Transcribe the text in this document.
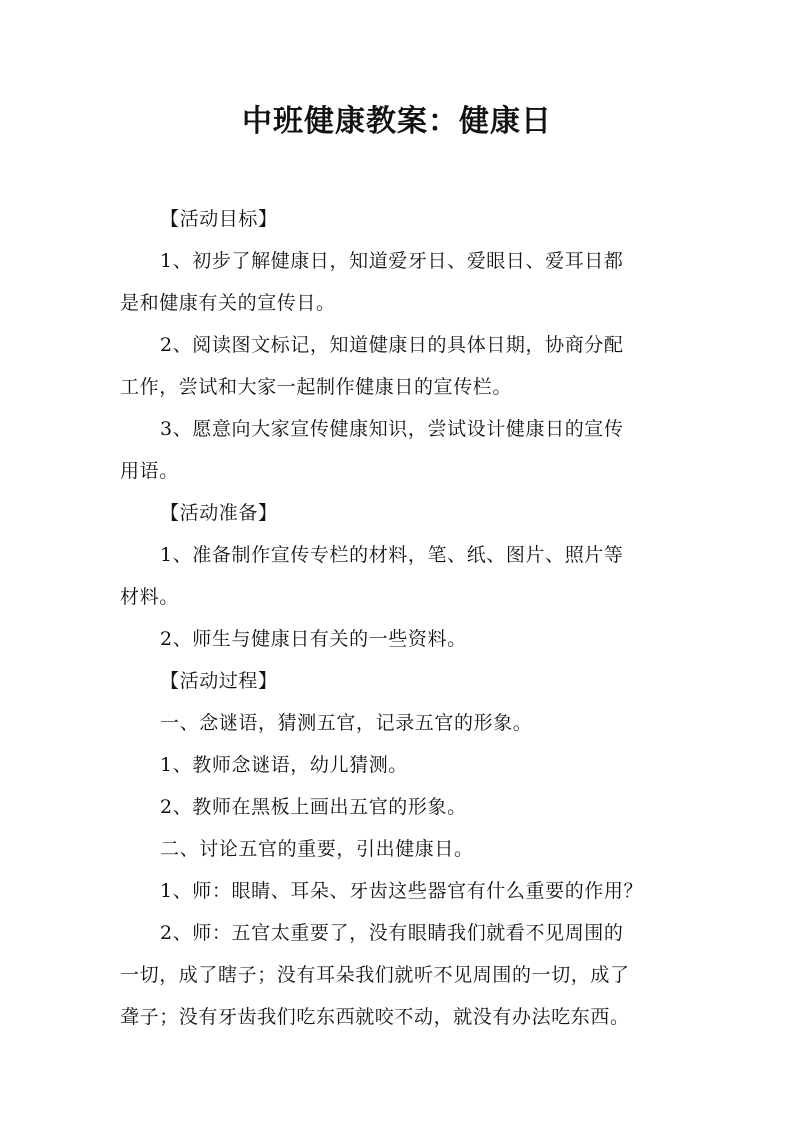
中班健康教案：健康日
【活动目标】
1、初步了解健康日，知道爱牙日、爱眼日、爱耳日都
是和健康有关的宣传日。
2、阅读图文标记，知道健康日的具体日期，协商分配
工作，尝试和大家一起制作健康日的宣传栏。
3、愿意向大家宣传健康知识，尝试设计健康日的宣传
用语。
【活动准备】
1、准备制作宣传专栏的材料，笔、纸、图片、照片等
材料。
2、师生与健康日有关的一些资料。
【活动过程】
一、念谜语，猜测五官，记录五官的形象。
1、教师念谜语，幼儿猜测。
2、教师在黑板上画出五官的形象。
二、讨论五官的重要，引出健康日。
1、师：眼睛、耳朵、牙齿这些器官有什么重要的作用？
2、师：五官太重要了，没有眼睛我们就看不见周围的
一切，成了瞎子；没有耳朵我们就听不见周围的一切，成了
聋子；没有牙齿我们吃东西就咬不动，就没有办法吃东西。
